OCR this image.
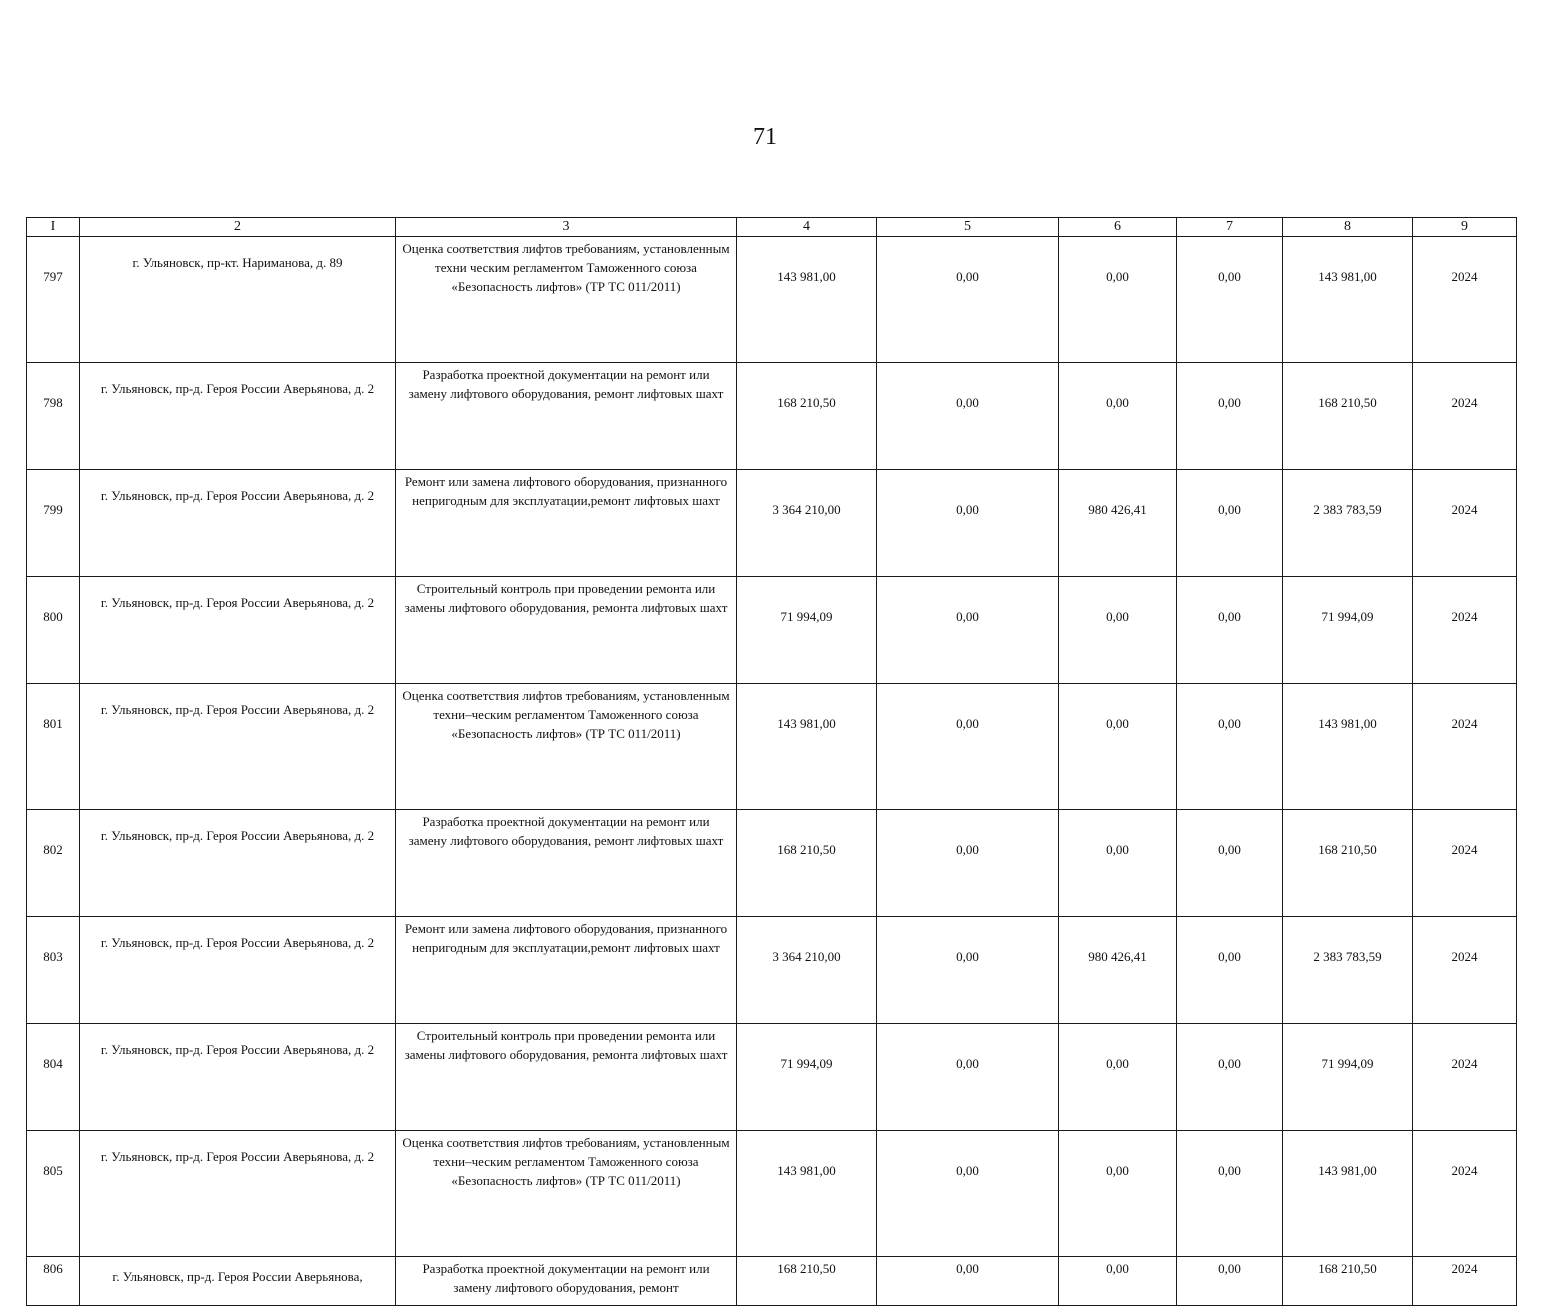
71
I	2	3	4	5	6	7	8	9
797	г. Ульяновск, пр-кт. Нариманова, д. 89	Оценка соответствия лифтов требованиям, установленным техни ческим регламентом Таможенного союза «Безопасность лифтов» (ТР ТС 011/2011)	143 981,00	0,00	0,00	0,00	143 981,00	2024
798	г. Ульяновск, пр-д. Героя России Аверьянова, д. 2	Разработка проектной документации на ремонт или замену лифтового оборудования, ремонт лифтовых шахт	168 210,50	0,00	0,00	0,00	168 210,50	2024
799	г. Ульяновск, пр-д. Героя России Аверьянова, д. 2	Ремонт или замена лифтового оборудования, признанного непригодным для эксплуатации,ремонт лифтовых шахт	3 364 210,00	0,00	980 426,41	0,00	2 383 783,59	2024
800	г. Ульяновск, пр-д. Героя России Аверьянова, д. 2	Строительный контроль при проведении ремонта или замены лифтового оборудования, ремонта лифтовых шахт	71 994,09	0,00	0,00	0,00	71 994,09	2024
801	г. Ульяновск, пр-д. Героя России Аверьянова, д. 2	Оценка соответствия лифтов требованиям, установленным техни–ческим регламентом Таможенного союза «Безопасность лифтов» (ТР ТС 011/2011)	143 981,00	0,00	0,00	0,00	143 981,00	2024
802	г. Ульяновск, пр-д. Героя России Аверьянова, д. 2	Разработка проектной документации на ремонт или замену лифтового оборудования, ремонт лифтовых шахт	168 210,50	0,00	0,00	0,00	168 210,50	2024
803	г. Ульяновск, пр-д. Героя России Аверьянова, д. 2	Ремонт или замена лифтового оборудования, признанного непригодным для эксплуатации,ремонт лифтовых шахт	3 364 210,00	0,00	980 426,41	0,00	2 383 783,59	2024
804	г. Ульяновск, пр-д. Героя России Аверьянова, д. 2	Строительный контроль при проведении ремонта или замены лифтового оборудования, ремонта лифтовых шахт	71 994,09	0,00	0,00	0,00	71 994,09	2024
805	г. Ульяновск, пр-д. Героя России Аверьянова, д. 2	Оценка соответствия лифтов требованиям, установленным техни–ческим регламентом Таможенного союза «Безопасность лифтов» (ТР ТС 011/2011)	143 981,00	0,00	0,00	0,00	143 981,00	2024
806	г. Ульяновск, пр-д. Героя России Аверьянова,	Разработка проектной документации на ремонт или замену лифтового оборудования, ремонт	168 210,50	0,00	0,00	0,00	168 210,50	2024
